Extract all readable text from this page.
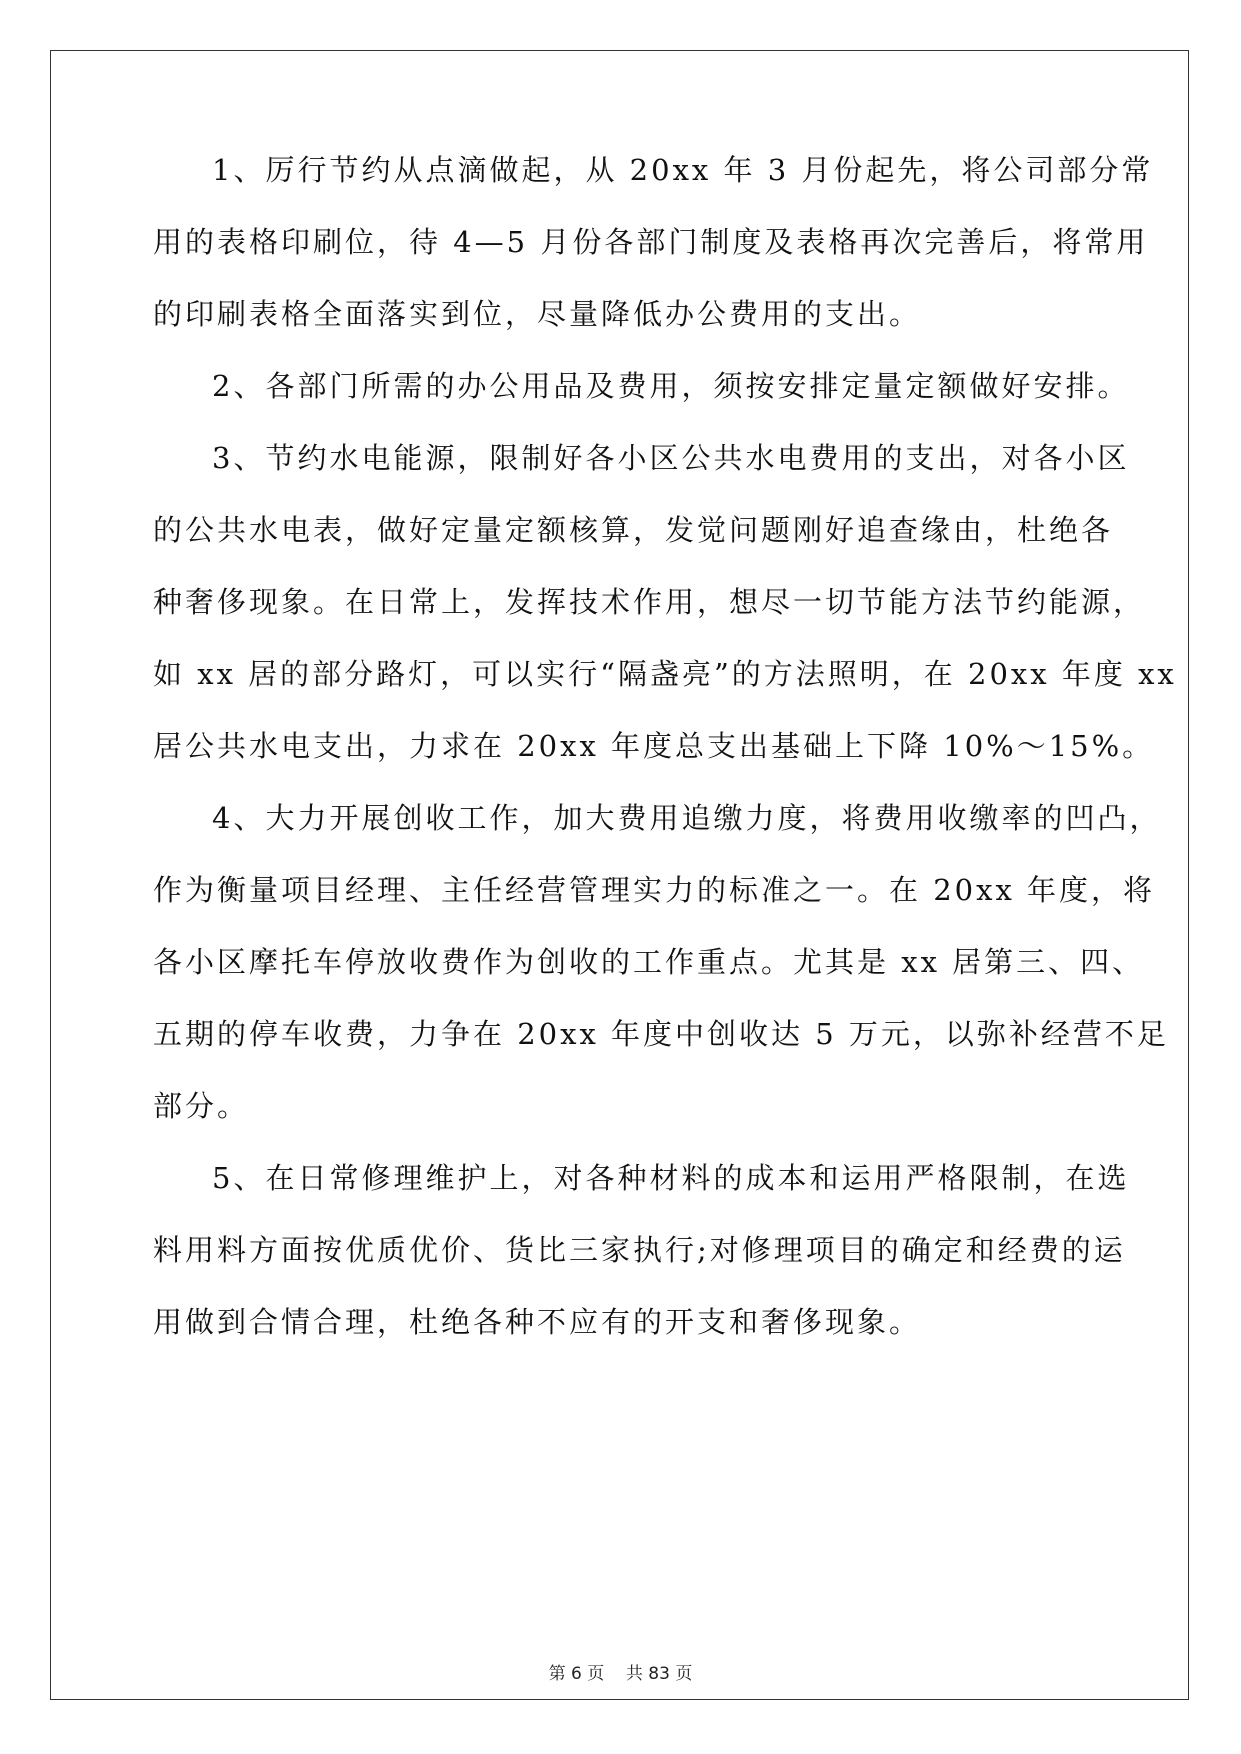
1、厉行节约从点滴做起，从 20xx 年 3 月份起先，将公司部分常
用的表格印刷位，待 4—5 月份各部门制度及表格再次完善后，将常用
的印刷表格全面落实到位，尽量降低办公费用的支出。
2、各部门所需的办公用品及费用，须按安排定量定额做好安排。
3、节约水电能源，限制好各小区公共水电费用的支出，对各小区
的公共水电表，做好定量定额核算，发觉问题刚好追查缘由，杜绝各
种奢侈现象。在日常上，发挥技术作用，想尽一切节能方法节约能源，
如 xx 居的部分路灯，可以实行“隔盏亮”的方法照明，在 20xx 年度 xx
居公共水电支出，力求在 20xx 年度总支出基础上下降 10%～15%。
4、大力开展创收工作，加大费用追缴力度，将费用收缴率的凹凸，
作为衡量项目经理、主任经营管理实力的标准之一。在 20xx 年度，将
各小区摩托车停放收费作为创收的工作重点。尤其是 xx 居第三、四、
五期的停车收费，力争在 20xx 年度中创收达 5 万元，以弥补经营不足
部分。
5、在日常修理维护上，对各种材料的成本和运用严格限制，在选
料用料方面按优质优价、货比三家执行;对修理项目的确定和经费的运
用做到合情合理，杜绝各种不应有的开支和奢侈现象。
第 6 页    共 83 页
